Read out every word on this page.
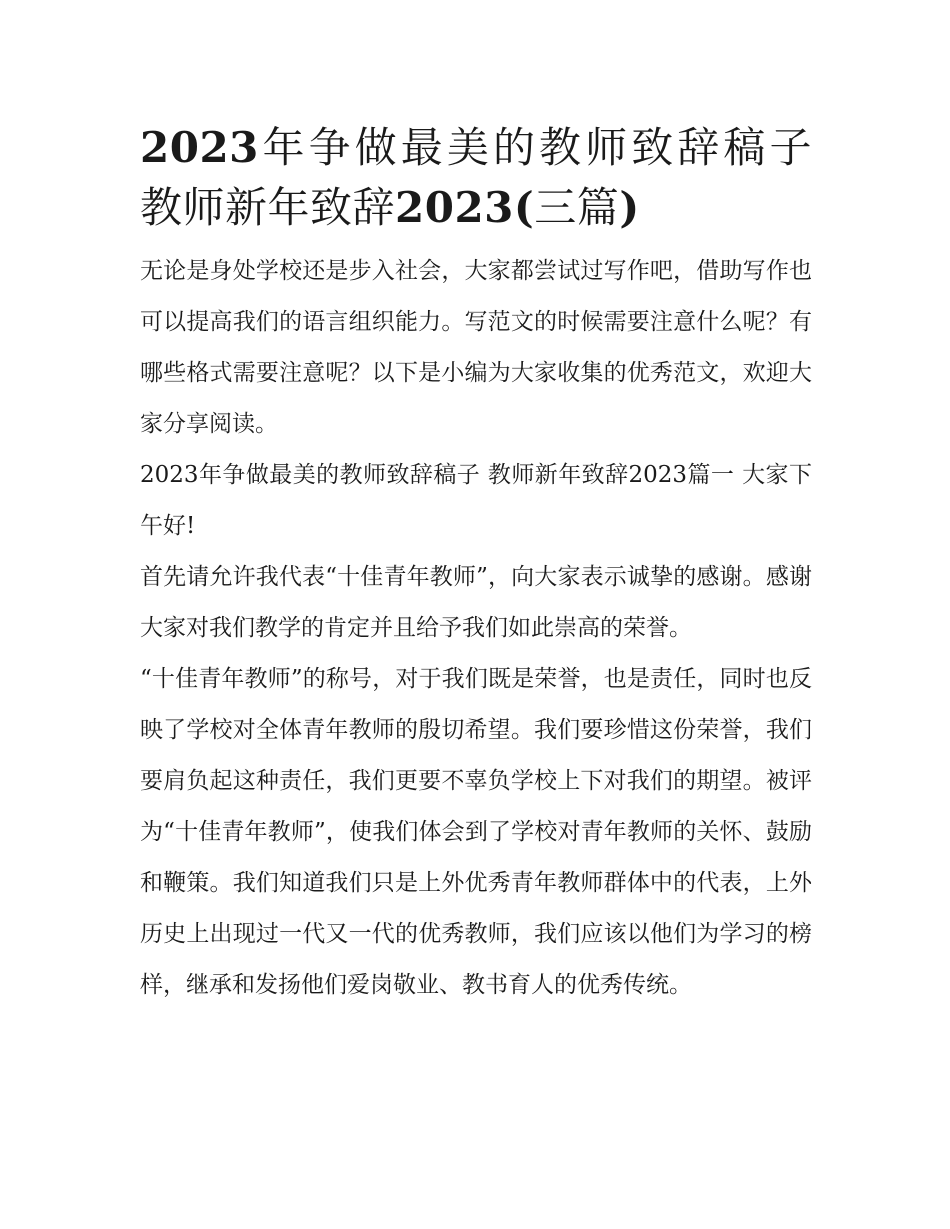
2023年争做最美的教师致辞稿子 教师新年致辞2023(三篇)

无论是身处学校还是步入社会，大家都尝试过写作吧，借助写作也可以提高我们的语言组织能力。写范文的时候需要注意什么呢？有哪些格式需要注意呢？以下是小编为大家收集的优秀范文，欢迎大家分享阅读。

2023年争做最美的教师致辞稿子 教师新年致辞2023篇一 大家下午好!

首先请允许我代表“十佳青年教师”，向大家表示诚挚的感谢。感谢大家对我们教学的肯定并且给予我们如此崇高的荣誉。

“十佳青年教师”的称号，对于我们既是荣誉，也是责任，同时也反映了学校对全体青年教师的殷切希望。我们要珍惜这份荣誉，我们要肩负起这种责任，我们更要不辜负学校上下对我们的期望。被评为“十佳青年教师”，使我们体会到了学校对青年教师的关怀、鼓励和鞭策。我们知道我们只是上外优秀青年教师群体中的代表，上外历史上出现过一代又一代的优秀教师，我们应该以他们为学习的榜样，继承和发扬他们爱岗敬业、教书育人的优秀传统。
